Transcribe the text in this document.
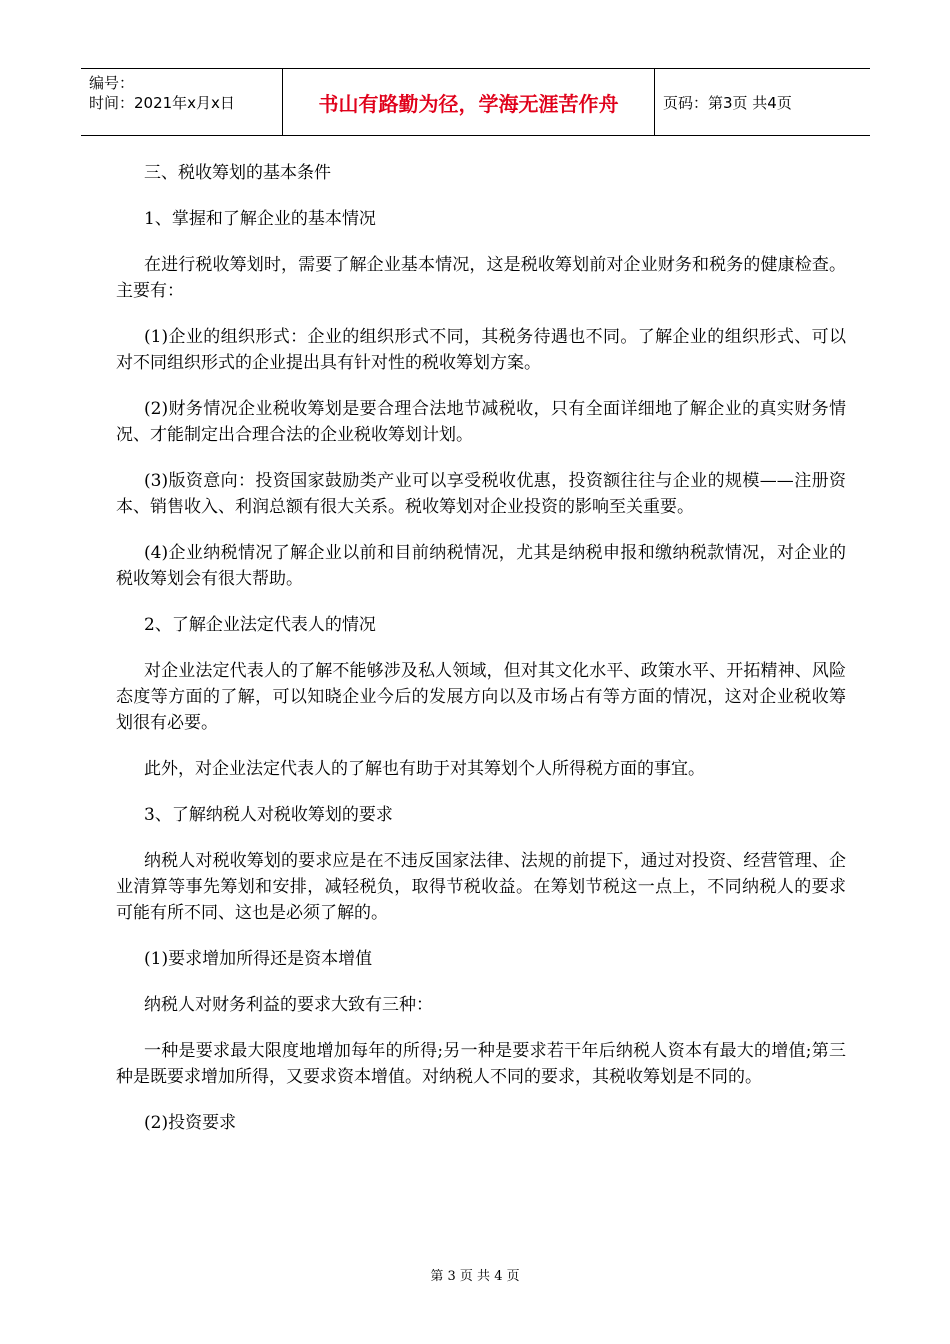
编号：
时间：2021年x月x日	书山有路勤为径，学海无涯苦作舟	页码：第3页 共4页

三、税收筹划的基本条件

1、掌握和了解企业的基本情况

在进行税收筹划时，需要了解企业基本情况，这是税收筹划前对企业财务和税务的健康检查。主要有：

(1)企业的组织形式：企业的组织形式不同，其税务待遇也不同。了解企业的组织形式、可以对不同组织形式的企业提出具有针对性的税收筹划方案。

(2)财务情况企业税收筹划是要合理合法地节减税收，只有全面详细地了解企业的真实财务情况、才能制定出合理合法的企业税收筹划计划。

(3)版资意向：投资国家鼓励类产业可以享受税收优惠，投资额往往与企业的规模——注册资本、销售收入、利润总额有很大关系。税收筹划对企业投资的影响至关重要。

(4)企业纳税情况了解企业以前和目前纳税情况，尤其是纳税申报和缴纳税款情况，对企业的税收筹划会有很大帮助。

2、了解企业法定代表人的情况

对企业法定代表人的了解不能够涉及私人领域，但对其文化水平、政策水平、开拓精神、风险态度等方面的了解，可以知晓企业今后的发展方向以及市场占有等方面的情况，这对企业税收筹划很有必要。

此外，对企业法定代表人的了解也有助于对其筹划个人所得税方面的事宜。

3、了解纳税人对税收筹划的要求

纳税人对税收筹划的要求应是在不违反国家法律、法规的前提下，通过对投资、经营管理、企业清算等事先筹划和安排，减轻税负，取得节税收益。在筹划节税这一点上，不同纳税人的要求可能有所不同、这也是必须了解的。

(1)要求增加所得还是资本增值

纳税人对财务利益的要求大致有三种：

一种是要求最大限度地增加每年的所得;另一种是要求若干年后纳税人资本有最大的增值;第三种是既要求增加所得，又要求资本增值。对纳税人不同的要求，其税收筹划是不同的。

(2)投资要求

第 3 页 共 4 页
